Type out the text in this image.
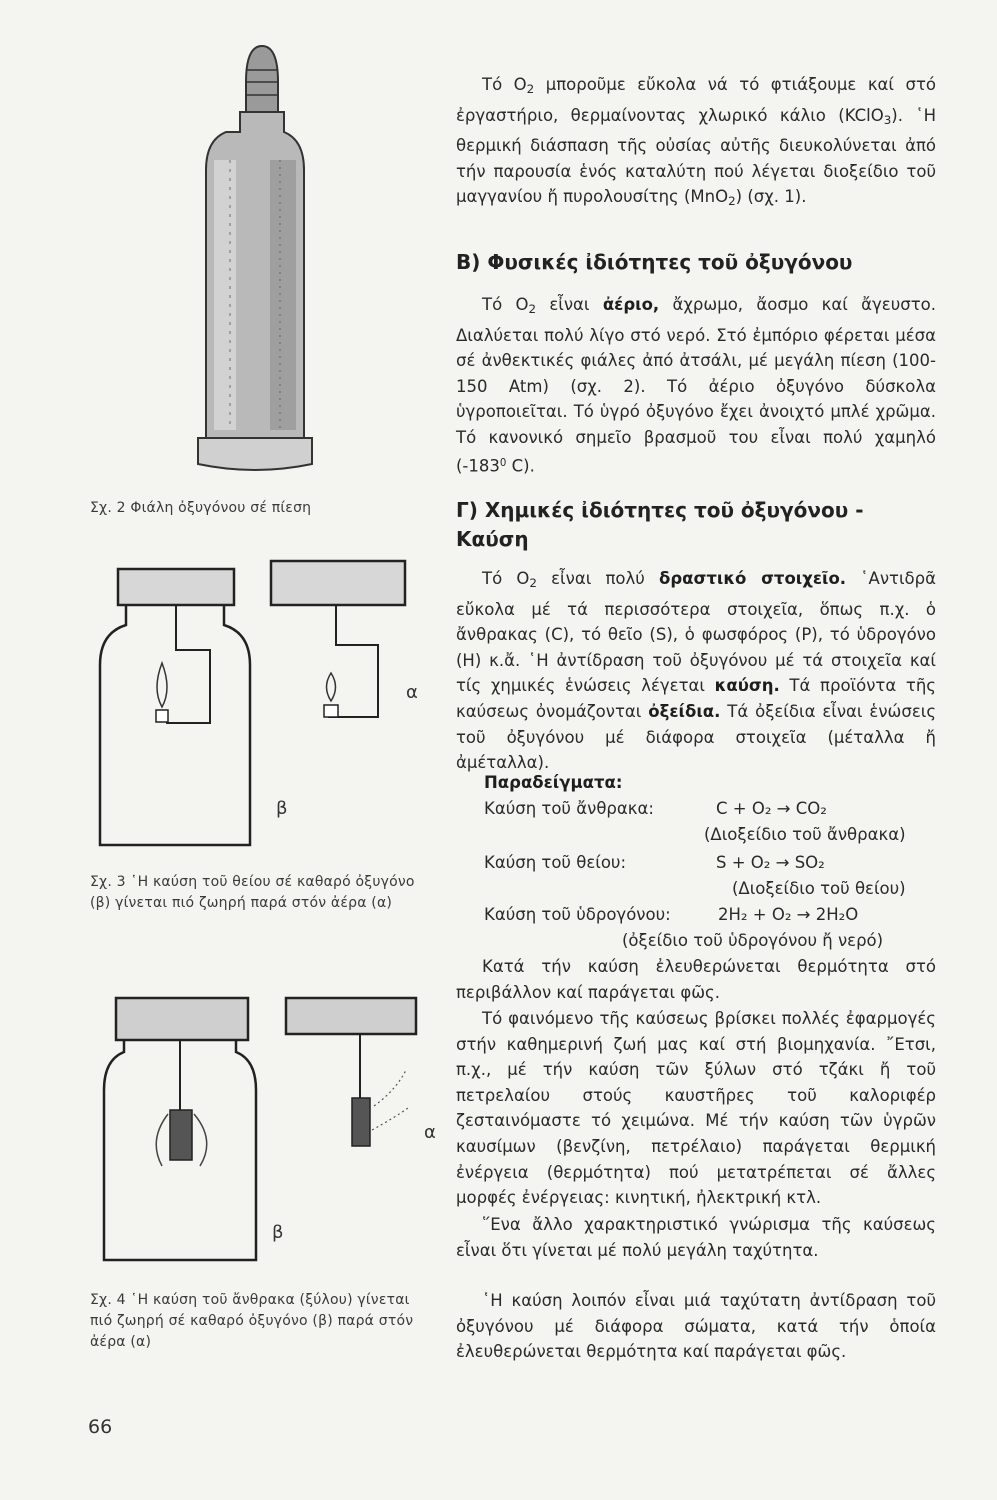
Σχ. 2 Φιάλη ὀξυγόνου σέ πίεση
α
β
Σχ. 3 ῾Η καύση τοῦ θείου σέ καθαρό ὀξυγόνο (β) γίνεται πιό ζωηρή παρά στόν ἀέρα (α)
α
β
Σχ. 4 ῾Η καύση τοῦ ἄνθρακα (ξύλου) γίνεται πιό ζωηρή σέ καθαρό ὀξυγόνο (β) παρά στόν ἀέρα (α)
Τό $O_2$ μποροῦμε εὔκολα νά τό φτιάξουμε καί στό ἐργαστήριο, θερμαίνοντας χλωρικό κάλιο (KClO$_3$). ῾Η θερμική διάσπαση τῆς οὐσίας αὐτῆς διευκολύνεται ἀπό τήν παρουσία ἑνός καταλύτη πού λέγεται διοξείδιο τοῦ μαγγανίου ἤ πυρολουσίτης (MnO$_2$) (σχ. 1).
Β) Φυσικές ἰδιότητες τοῦ ὀξυγόνου
Τό $O_2$ εἶναι ἀέριο, ἄχρωμο, ἄοσμο καί ἄγευστο. Διαλύεται πολύ λίγο στό νερό. Στό ἐμπόριο φέρεται μέσα σέ ἀνθεκτικές φιάλες ἀπό ἀτσάλι, μέ μεγάλη πίεση (100-150 Atm) (σχ. 2). Τό ἀέριο ὀξυγόνο δύσκολα ὑγροποιεῖται. Τό ὑγρό ὀξυγόνο ἔχει ἀνοιχτό μπλέ χρῶμα. Τό κανονικό σημεῖο βρασμοῦ του εἶναι πολύ χαμηλό ($-183^0$ C).
Γ) Χημικές ἰδιότητες τοῦ ὀξυγόνου - Καύση
Τό $O_2$ εἶναι πολύ δραστικό στοιχεῖο. ῾Αντιδρᾶ εὔκολα μέ τά περισσότερα στοιχεῖα, ὅπως π.χ. ὁ ἄνθρακας (C), τό θεῖο (S), ὁ φωσφόρος (P), τό ὑδρογόνο (Η) κ.ἄ. ῾Η ἀντίδραση τοῦ ὀξυγόνου μέ τά στοιχεῖα καί τίς χημικές ἑνώσεις λέγεται καύση. Τά προϊόντα τῆς καύσεως ὀνομάζονται ὀξείδια. Τά ὀξείδια εἶναι ἑνώσεις τοῦ ὀξυγόνου μέ διάφορα στοιχεῖα (μέταλλα ἤ ἀμέταλλα).
Παραδείγματα:
Καύση τοῦ ἄνθρακα:	C + O₂ → CO₂
(Διοξείδιο τοῦ ἄνθρακα)
Καύση τοῦ θείου:	S + O₂ → SO₂
(Διοξείδιο τοῦ θείου)
Καύση τοῦ ὑδρογόνου:	2H₂ + O₂ → 2H₂O
(ὀξείδιο τοῦ ὑδρογόνου ἤ νερό)
Κατά τήν καύση ἐλευθερώνεται θερμότητα στό περιβάλλον καί παράγεται φῶς.
Τό φαινόμενο τῆς καύσεως βρίσκει πολλές ἐφαρμογές στήν καθημερινή ζωή μας καί στή βιομηχανία. ῎Ετσι, π.χ., μέ τήν καύση τῶν ξύλων στό τζάκι ἤ τοῦ πετρελαίου στούς καυστῆρες τοῦ καλοριφέρ ζεσταινόμαστε τό χειμώνα. Μέ τήν καύση τῶν ὑγρῶν καυσίμων (βενζίνη, πετρέλαιο) παράγεται θερμική ἐνέργεια (θερμότητα) πού μετατρέπεται σέ ἄλλες μορφές ἐνέργειας: κινητική, ἠλεκτρική κτλ.
῞Ενα ἄλλο χαρακτηριστικό γνώρισμα τῆς καύσεως εἶναι ὅτι γίνεται μέ πολύ μεγάλη ταχύτητα.
῾Η καύση λοιπόν εἶναι μιά ταχύτατη ἀντίδραση τοῦ ὀξυγόνου μέ διάφορα σώματα, κατά τήν ὁποία ἐλευθερώνεται θερμότητα καί παράγεται φῶς.
66
